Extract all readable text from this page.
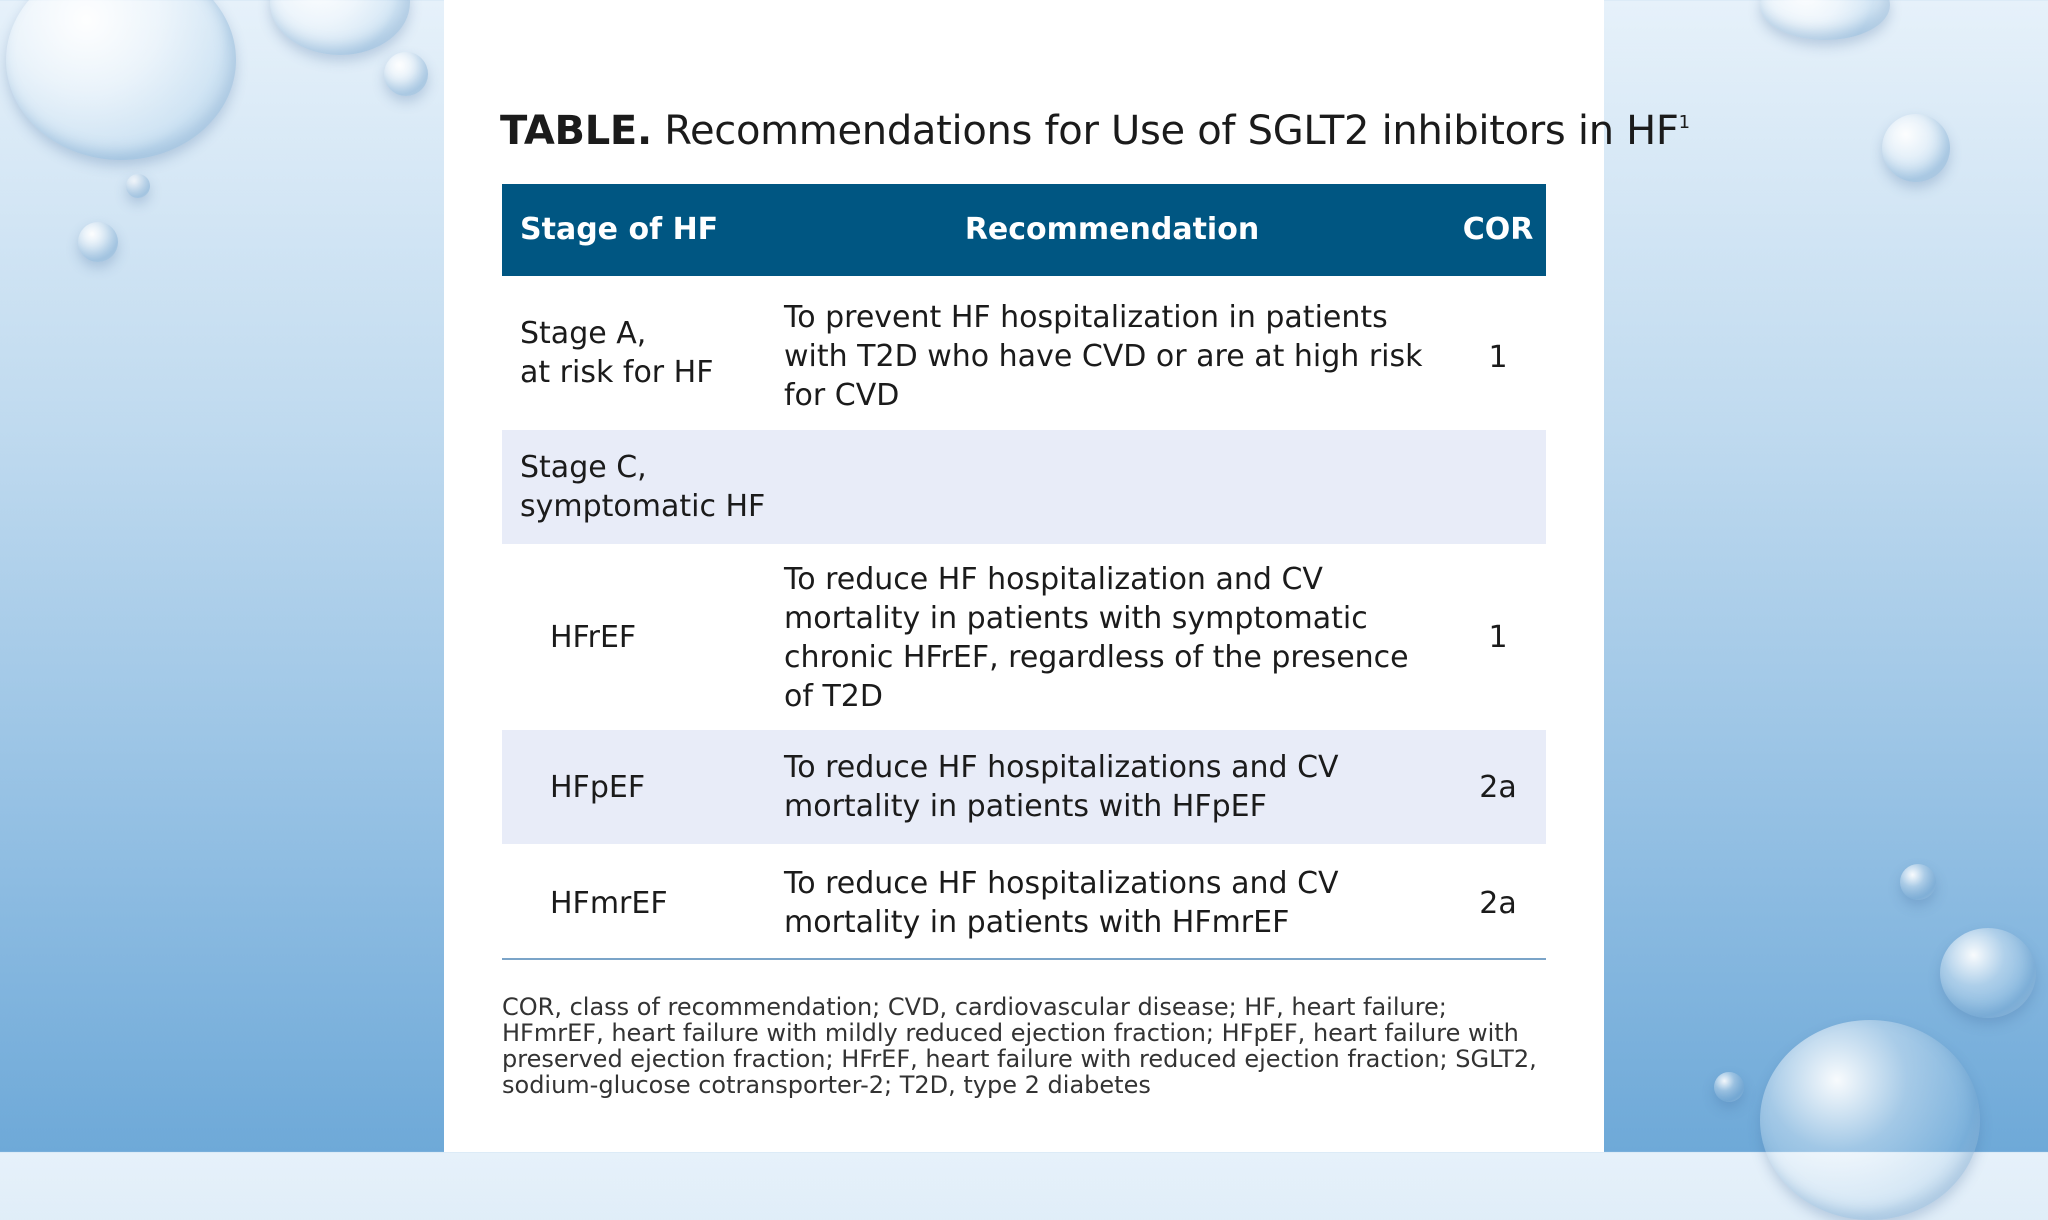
TABLE. Recommendations for Use of SGLT2 inhibitors in $HF^1$
Stage of HF	Recommendation	COR
Stage A,
at risk for HF
To prevent HF hospitalization in patients
with T2D who have CVD or are at high risk
for CVD
1
Stage C,
symptomatic HF
HFrEF
To reduce HF hospitalization and CV
mortality in patients with symptomatic
chronic HFrEF, regardless of the presence
of T2D
1
HFpEF
To reduce HF hospitalizations and CV
mortality in patients with HFpEF
2a
HFmrEF
To reduce HF hospitalizations and CV
mortality in patients with HFmrEF
2a
COR, class of recommendation; CVD, cardiovascular disease; HF, heart failure; HFmrEF, heart failure with mildly reduced ejection fraction; HFpEF, heart failure with preserved ejection fraction; HFrEF, heart failure with reduced ejection fraction; SGLT2, sodium-glucose cotransporter-2; T2D, type 2 diabetes
